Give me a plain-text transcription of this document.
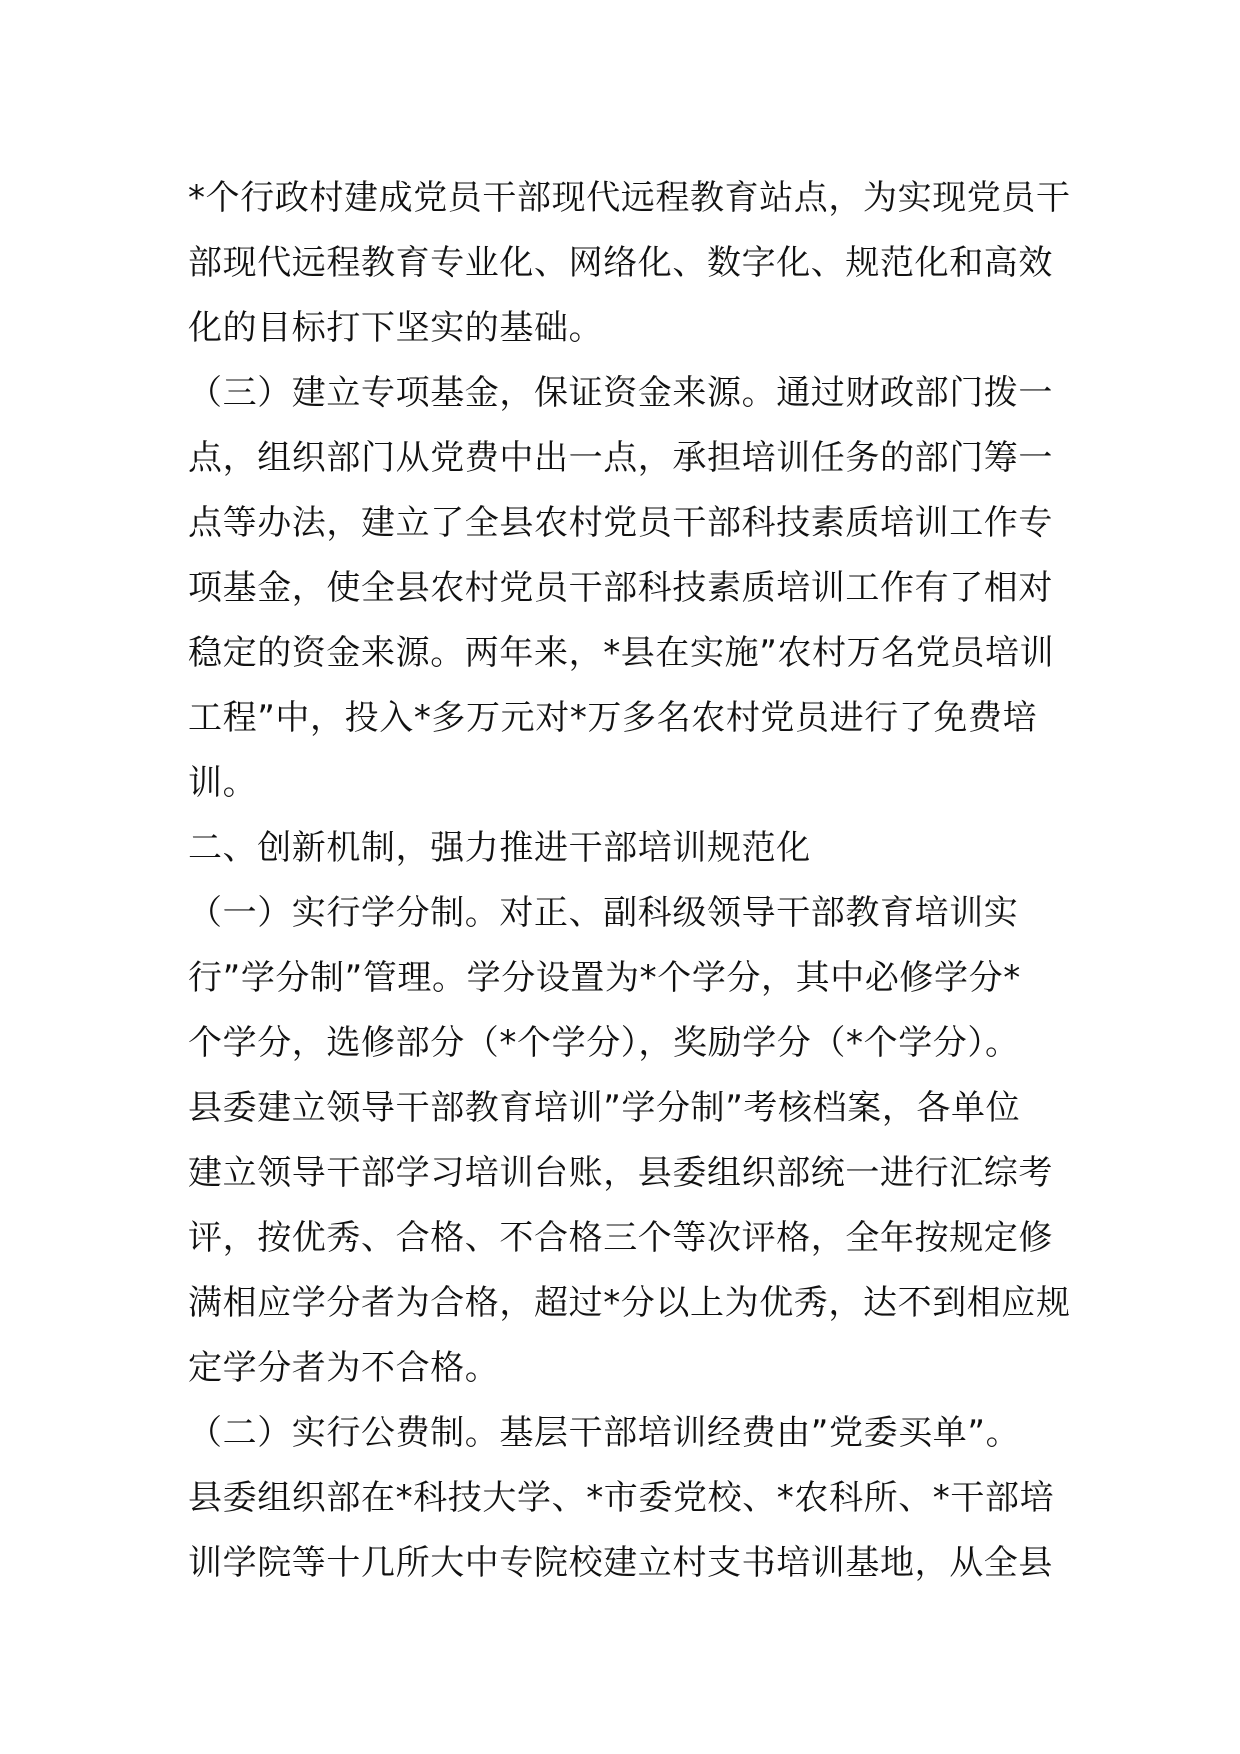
*个行政村建成党员干部现代远程教育站点，为实现党员干
部现代远程教育专业化、网络化、数字化、规范化和高效
化的目标打下坚实的基础。
（三）建立专项基金，保证资金来源。通过财政部门拨一
点，组织部门从党费中出一点，承担培训任务的部门筹一
点等办法，建立了全县农村党员干部科技素质培训工作专
项基金，使全县农村党员干部科技素质培训工作有了相对
稳定的资金来源。两年来，*县在实施”农村万名党员培训
工程”中，投入*多万元对*万多名农村党员进行了免费培
训。
二、创新机制，强力推进干部培训规范化
（一）实行学分制。对正、副科级领导干部教育培训实
行”学分制”管理。学分设置为*个学分，其中必修学分*
个学分，选修部分（*个学分），奖励学分（*个学分）。
县委建立领导干部教育培训”学分制”考核档案，各单位
建立领导干部学习培训台账，县委组织部统一进行汇综考
评，按优秀、合格、不合格三个等次评格，全年按规定修
满相应学分者为合格，超过*分以上为优秀，达不到相应规
定学分者为不合格。
（二）实行公费制。基层干部培训经费由”党委买单”。
县委组织部在*科技大学、*市委党校、*农科所、*干部培
训学院等十几所大中专院校建立村支书培训基地，从全县
